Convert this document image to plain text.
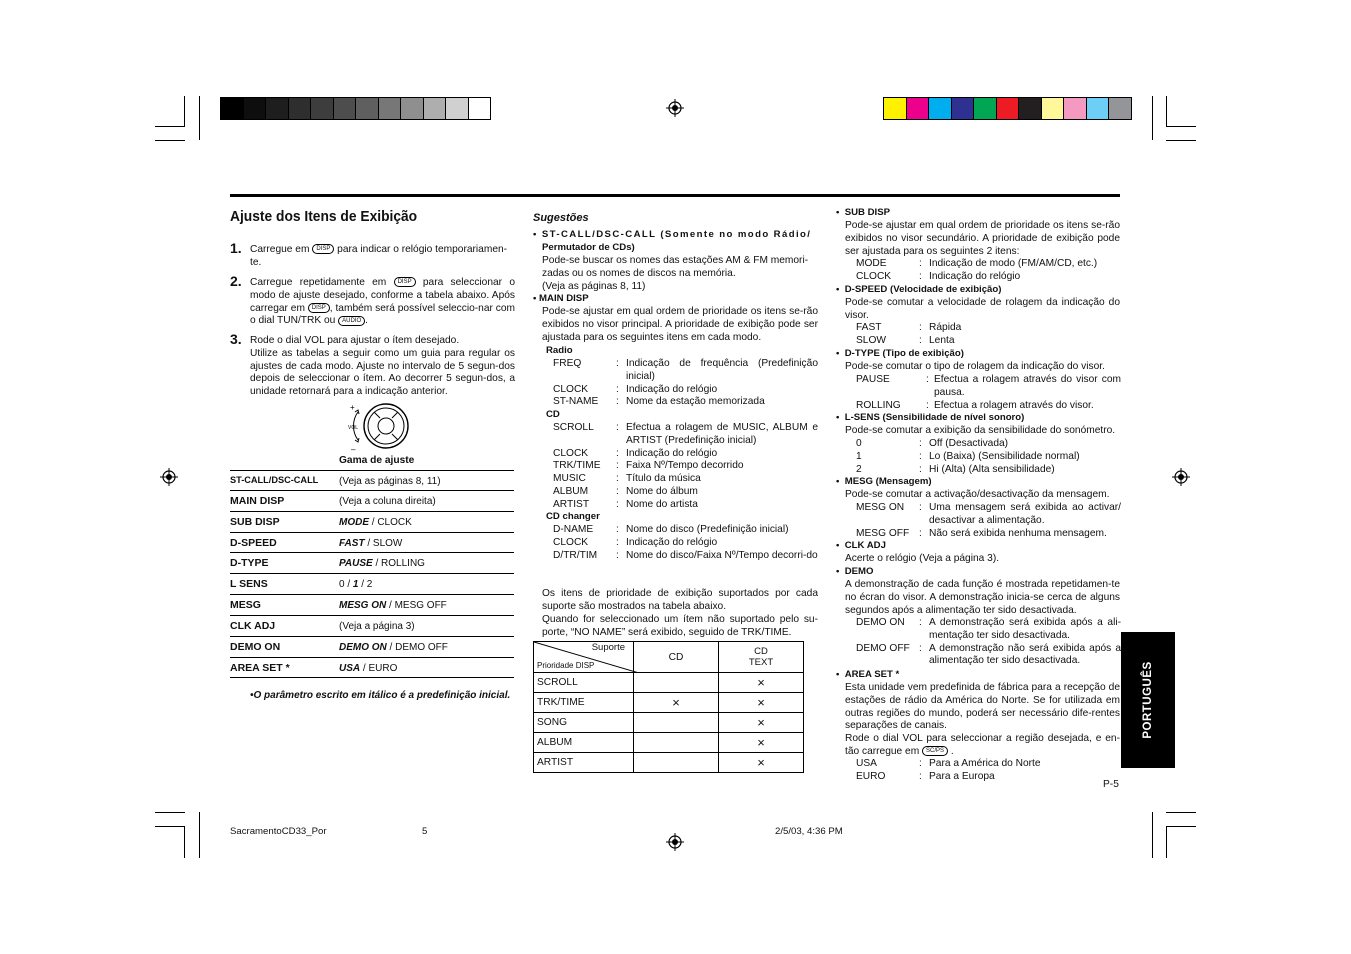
Ajuste dos Itens de Exibição
1. Carregue em DISP para indicar o relógio temporariamen-te.
2. Carregue repetidamente em DISP para seleccionar o modo de ajuste desejado, conforme a tabela abaixo. Após carregar em DISP , também será possível seleccio-nar com o dial TUN/TRK ou AUDIO .
3. Rode o dial VOL para ajustar o ítem desejado.
Utilize as tabelas a seguir como um guia para regular os ajustes de cada modo. Ajuste no intervalo de 5 segun-dos depois de seleccionar o ítem. Ao decorrer 5 segun-dos, a unidade retornará para a indicação anterior.
+
VOL
–
Gama de ajuste
ST-CALL/DSC-CALL (Veja as páginas 8, 11)
MAIN DISP	(Veja a coluna direita)
SUB DISP	MODE / CLOCK
D-SPEED	FAST / SLOW
D-TYPE	PAUSE / ROLLING
L SENS	0 / 1 / 2
MESG	MESG ON / MESG OFF
CLK ADJ	(Veja a página 3)
DEMO ON	DEMO ON / DEMO OFF
AREA SET *	USA / EURO
•O parâmetro escrito em itálico é a predefinição inicial.
Sugestões
• ST-CALL/DSC-CALL (Somente no modo Rádio/
Permutador de CDs)
Pode-se buscar os nomes das estações AM & FM memori-zadas ou os nomes de discos na memória.
(Veja as páginas 8, 11)
• MAIN DISP
Pode-se ajustar em qual ordem de prioridade os itens se-rão exibidos no visor principal. A prioridade de exibição pode ser ajustada para os seguintes itens em cada modo.
Radio
FREQ	: Indicação de frequência (Predefinição inicial)
CLOCK	: Indicação do relógio
ST-NAME : Nome da estação memorizada
CD
SCROLL : Efectua a rolagem de MUSIC, ALBUM e ARTIST (Predefinição inicial)
CLOCK	: Indicação do relógio
TRK/TIME : Faixa Nº/Tempo decorrido
MUSIC	: Título da música
ALBUM	: Nome do álbum
ARTIST	: Nome do artista
CD changer
D-NAME : Nome do disco (Predefinição inicial)
CLOCK	: Indicação do relógio
D/TR/TIM : Nome do disco/Faixa Nº/Tempo decorri-do
Os itens de prioridade de exibição suportados por cada suporte são mostrados na tabela abaixo.
Quando for seleccionado um ítem não suportado pelo su-porte, “NO NAME” será exibido, seguido de TRK/TIME.
Suporte
Prioridade DISP	CD	CD
TEXT
SCROLL		×
TRK/TIME	×	×
SONG		×
ALBUM		×
ARTIST		×
•  SUB DISP
Pode-se ajustar em qual ordem de prioridade os itens se-rão exibidos no visor secundário. A prioridade de exibição pode ser ajustada para os seguintes 2 itens:
MODE	: Indicação de modo (FM/AM/CD, etc.)
CLOCK	: Indicação do relógio
•  D-SPEED (Velocidade de exibição)
Pode-se comutar a velocidade de rolagem da indicação do visor.
FAST	: Rápida
SLOW	: Lenta
•  D-TYPE (Tipo de exibição)
Pode-se comutar o tipo de rolagem da indicação do visor.
PAUSE	: Efectua a rolagem através do visor com pausa.
ROLLING : Efectua a rolagem através do visor.
•  L-SENS (Sensibilidade de nível sonoro)
Pode-se comutar a exibição da sensibilidade do sonómetro.
0	: Off (Desactivada)
1	: Lo (Baixa) (Sensibilidade normal)
2	: Hi (Alta) (Alta sensibilidade)
•  MESG (Mensagem)
Pode-se comutar a activação/desactivação da mensagem.
MESG ON : Uma mensagem será exibida ao activar/ desactivar a alimentação.
MESG OFF : Não será exibida nenhuma mensagem.
•  CLK ADJ
Acerte o relógio (Veja a página 3).
•  DEMO
A demonstração de cada função é mostrada repetidamen-te no écran do visor. A demonstração inicia-se cerca de alguns segundos após a alimentação ter sido desactivada.
DEMO ON : A demonstração será exibida após a ali-mentação ter sido desactivada.
DEMO OFF : A demonstração não será exibida após a alimentação ter sido desactivada.
•  AREA SET *
Esta unidade vem predefinida de fábrica para a recepção de estações de rádio da América do Norte. Se for utilizada em outras regiões do mundo, poderá ser necessário dife-rentes separações de canais.
Rode o dial VOL para seleccionar a região desejada, e en-tão carregue em SC/PS .
USA	: Para a América do Norte
EURO	: Para a Europa
PORTUGUÊS
P-5
SacramentoCD33_Por	5	2/5/03, 4:36 PM
